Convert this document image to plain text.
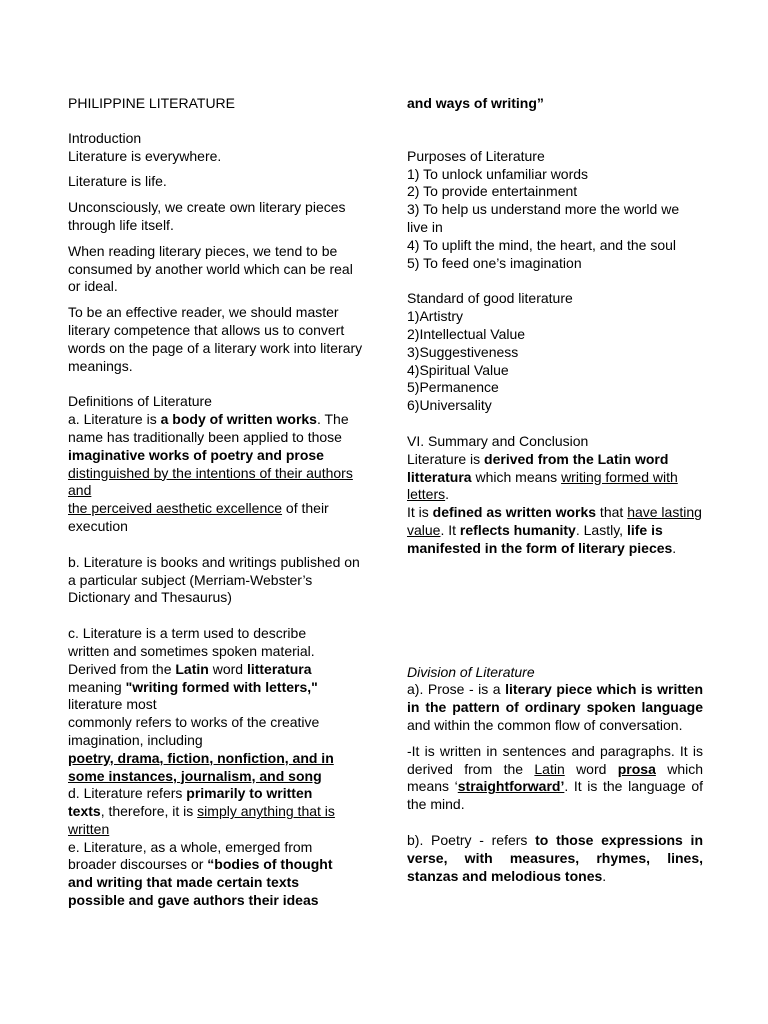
PHILIPPINE LITERATURE
Introduction
Literature is everywhere.
Literature is life.
Unconsciously, we create own literary pieces through life itself.
When reading literary pieces, we tend to be consumed by another world which can be real or ideal.
To be an effective reader, we should master literary competence that allows us to convert words on the page of a literary work into literary meanings.
Definitions of Literature
a. Literature is a body of written works. The name has traditionally been applied to those imaginative works of poetry and prose distinguished by the intentions of their authors and
the perceived aesthetic excellence of their execution
b. Literature is books and writings published on a particular subject (Merriam-Webster’s Dictionary and Thesaurus)
c. Literature is a term used to describe
written and sometimes spoken material.
Derived from the Latin word litteratura
meaning "writing formed with letters,"
literature most
commonly refers to works of the creative
imagination, including
poetry, drama, fiction, nonfiction, and in
some instances, journalism, and song
d. Literature refers primarily to written
texts, therefore, it is simply anything that is
written
e. Literature, as a whole, emerged from
broader discourses or “bodies of thought
and writing that made certain texts
possible and gave authors their ideas
and ways of writing”
Purposes of Literature
1) To unlock unfamiliar words
2) To provide entertainment
3) To help us understand more the world we live in
4) To uplift the mind, the heart, and the soul
5) To feed one’s imagination
Standard of good literature
1)Artistry
2)Intellectual Value
3)Suggestiveness
4)Spiritual Value
5)Permanence
6)Universality
VI. Summary and Conclusion
Literature is derived from the Latin word litteratura which means writing formed with letters.
It is defined as written works that have lasting value. It reflects humanity. Lastly, life is manifested in the form of literary pieces.
Division of Literature
a). Prose - is a literary piece which is written in the pattern of ordinary spoken language and within the common flow of conversation.
-It is written in sentences and paragraphs. It is derived from the Latin word prosa which means ‘straightforward’. It is the language of the mind.
b). Poetry - refers to those expressions in verse, with measures, rhymes, lines, stanzas and melodious tones.
